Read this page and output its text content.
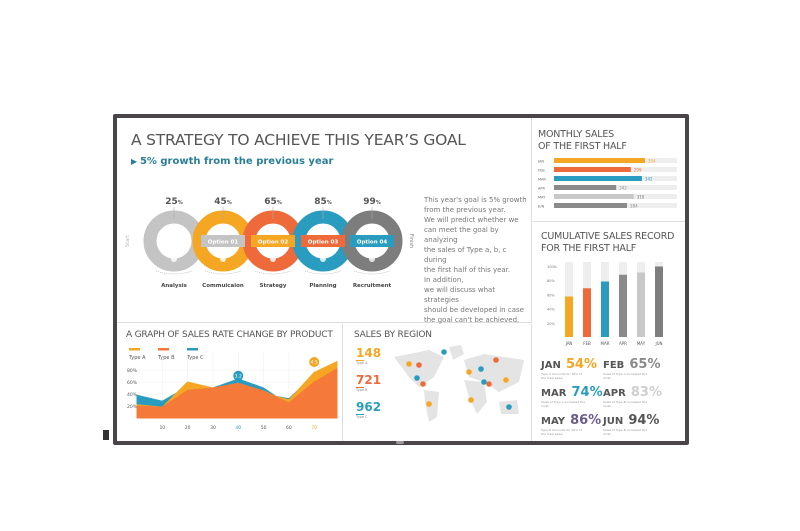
A STRATEGY TO ACHIEVE THIS YEAR’S GOAL
▶ 5% growth from the previous year
Start	Finish
25%
Analysis
Option 01
45%
Commuicaion
Option 02
65%
Strategy
Option 03
85%
Planning
Option 04
99%
Recruitment
This year's goal is 5% growth
from the previous year.
We will predict whether we
can meet the goal by analyzing
the sales of Type a, b, c during
the first half of this year.
In addition,
we will discuss what strategies
should be developed in case
the goal can't be achieved.
MONTHLY SALES
OF THE FIRST HALF
JAN	354
FEB	299
MAR	342
APR	242
MAY	310
JUN	284
CUMULATIVE SALES RECORD
FOR THE FIRST HALF
20%
40%
60%
80%
100%
JAN	FEB MAR APR MAY	JUN
JAN 54%
Type C accounts for 30% of the total sales.
FEB 65%
Sales of Type C increased the most.
MAR 74%
Sales of Type C increased the most.
APR 83%
Sales of Type B increased the most.
MAY 86%
Type B accounts for 40% of the total sales.
JUN 94%
Sales of Type B increased the most.
A GRAPH OF SALES RATE CHANGE BY PRODUCT
Type A	Type B Type C
20%
40%
60%
80%
10	20	30	40	50	60	70
3.2
4.5
SALES BY REGION
148
Type A
721
Type B
962
Type C
